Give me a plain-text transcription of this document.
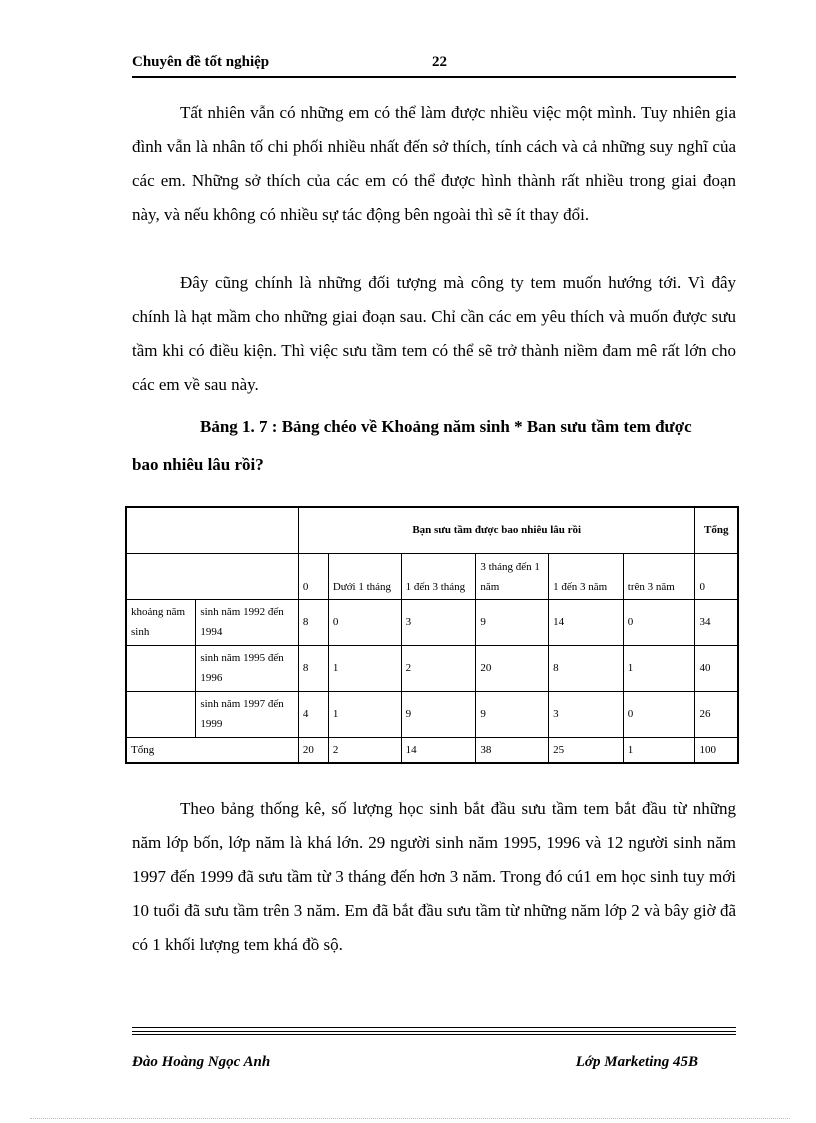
Chuyên đề tốt nghiệp	22

Tất nhiên vẫn có những em có thể làm được nhiều việc một mình. Tuy nhiên gia đình vẫn là nhân tố chi phối nhiều nhất đến sở thích, tính cách và cả những suy nghĩ của các em. Những sở thích của các em có thể được hình thành rất nhiều trong giai đoạn này, và nếu không có nhiều sự tác động bên ngoài thì sẽ ít thay đổi.

Đây cũng chính là những đối tượng mà công ty tem muốn hướng tới. Vì đây chính là hạt mầm cho những giai đoạn sau. Chỉ cần các em yêu thích và muốn được sưu tầm khi có điều kiện. Thì việc sưu tầm tem có thể sẽ trở thành niềm đam mê rất lớn cho các em về sau này.

Bảng 1. 7 : Bảng chéo về Khoảng năm sinh * Ban sưu tầm tem được
bao nhiêu lâu rồi?
		Bạn sưu tầm được bao nhiêu lâu rồi						Tổng
		0	Dưới 1 tháng	1 đến 3 tháng	3 tháng đến 1 năm	1 đến 3 năm	trên 3 năm	0
khoảng năm sinh	sinh năm 1992 đến 1994	8	0	3	9	14	0	34
	sinh năm 1995 đến 1996	8	1	2	20	8	1	40
	sinh năm 1997 đến 1999	4	1	9	9	3	0	26
Tổng		20	2	14	38	25	1	100

Theo bảng thống kê, số lượng học sinh bắt đầu sưu tầm tem bắt đầu từ những năm lớp bốn, lớp năm là khá lớn. 29 người sinh năm 1995, 1996 và 12 người sinh năm 1997 đến 1999 đã sưu tầm từ 3 tháng đến hơn 3 năm. Trong đó cú1 em học sinh tuy mới 10 tuổi đã sưu tầm trên 3 năm. Em đã bắt đầu sưu tầm từ những năm lớp 2 và bây giờ đã có 1 khối lượng tem khá đồ sộ.

Đào Hoàng Ngọc Anh	Lớp Marketing 45B
